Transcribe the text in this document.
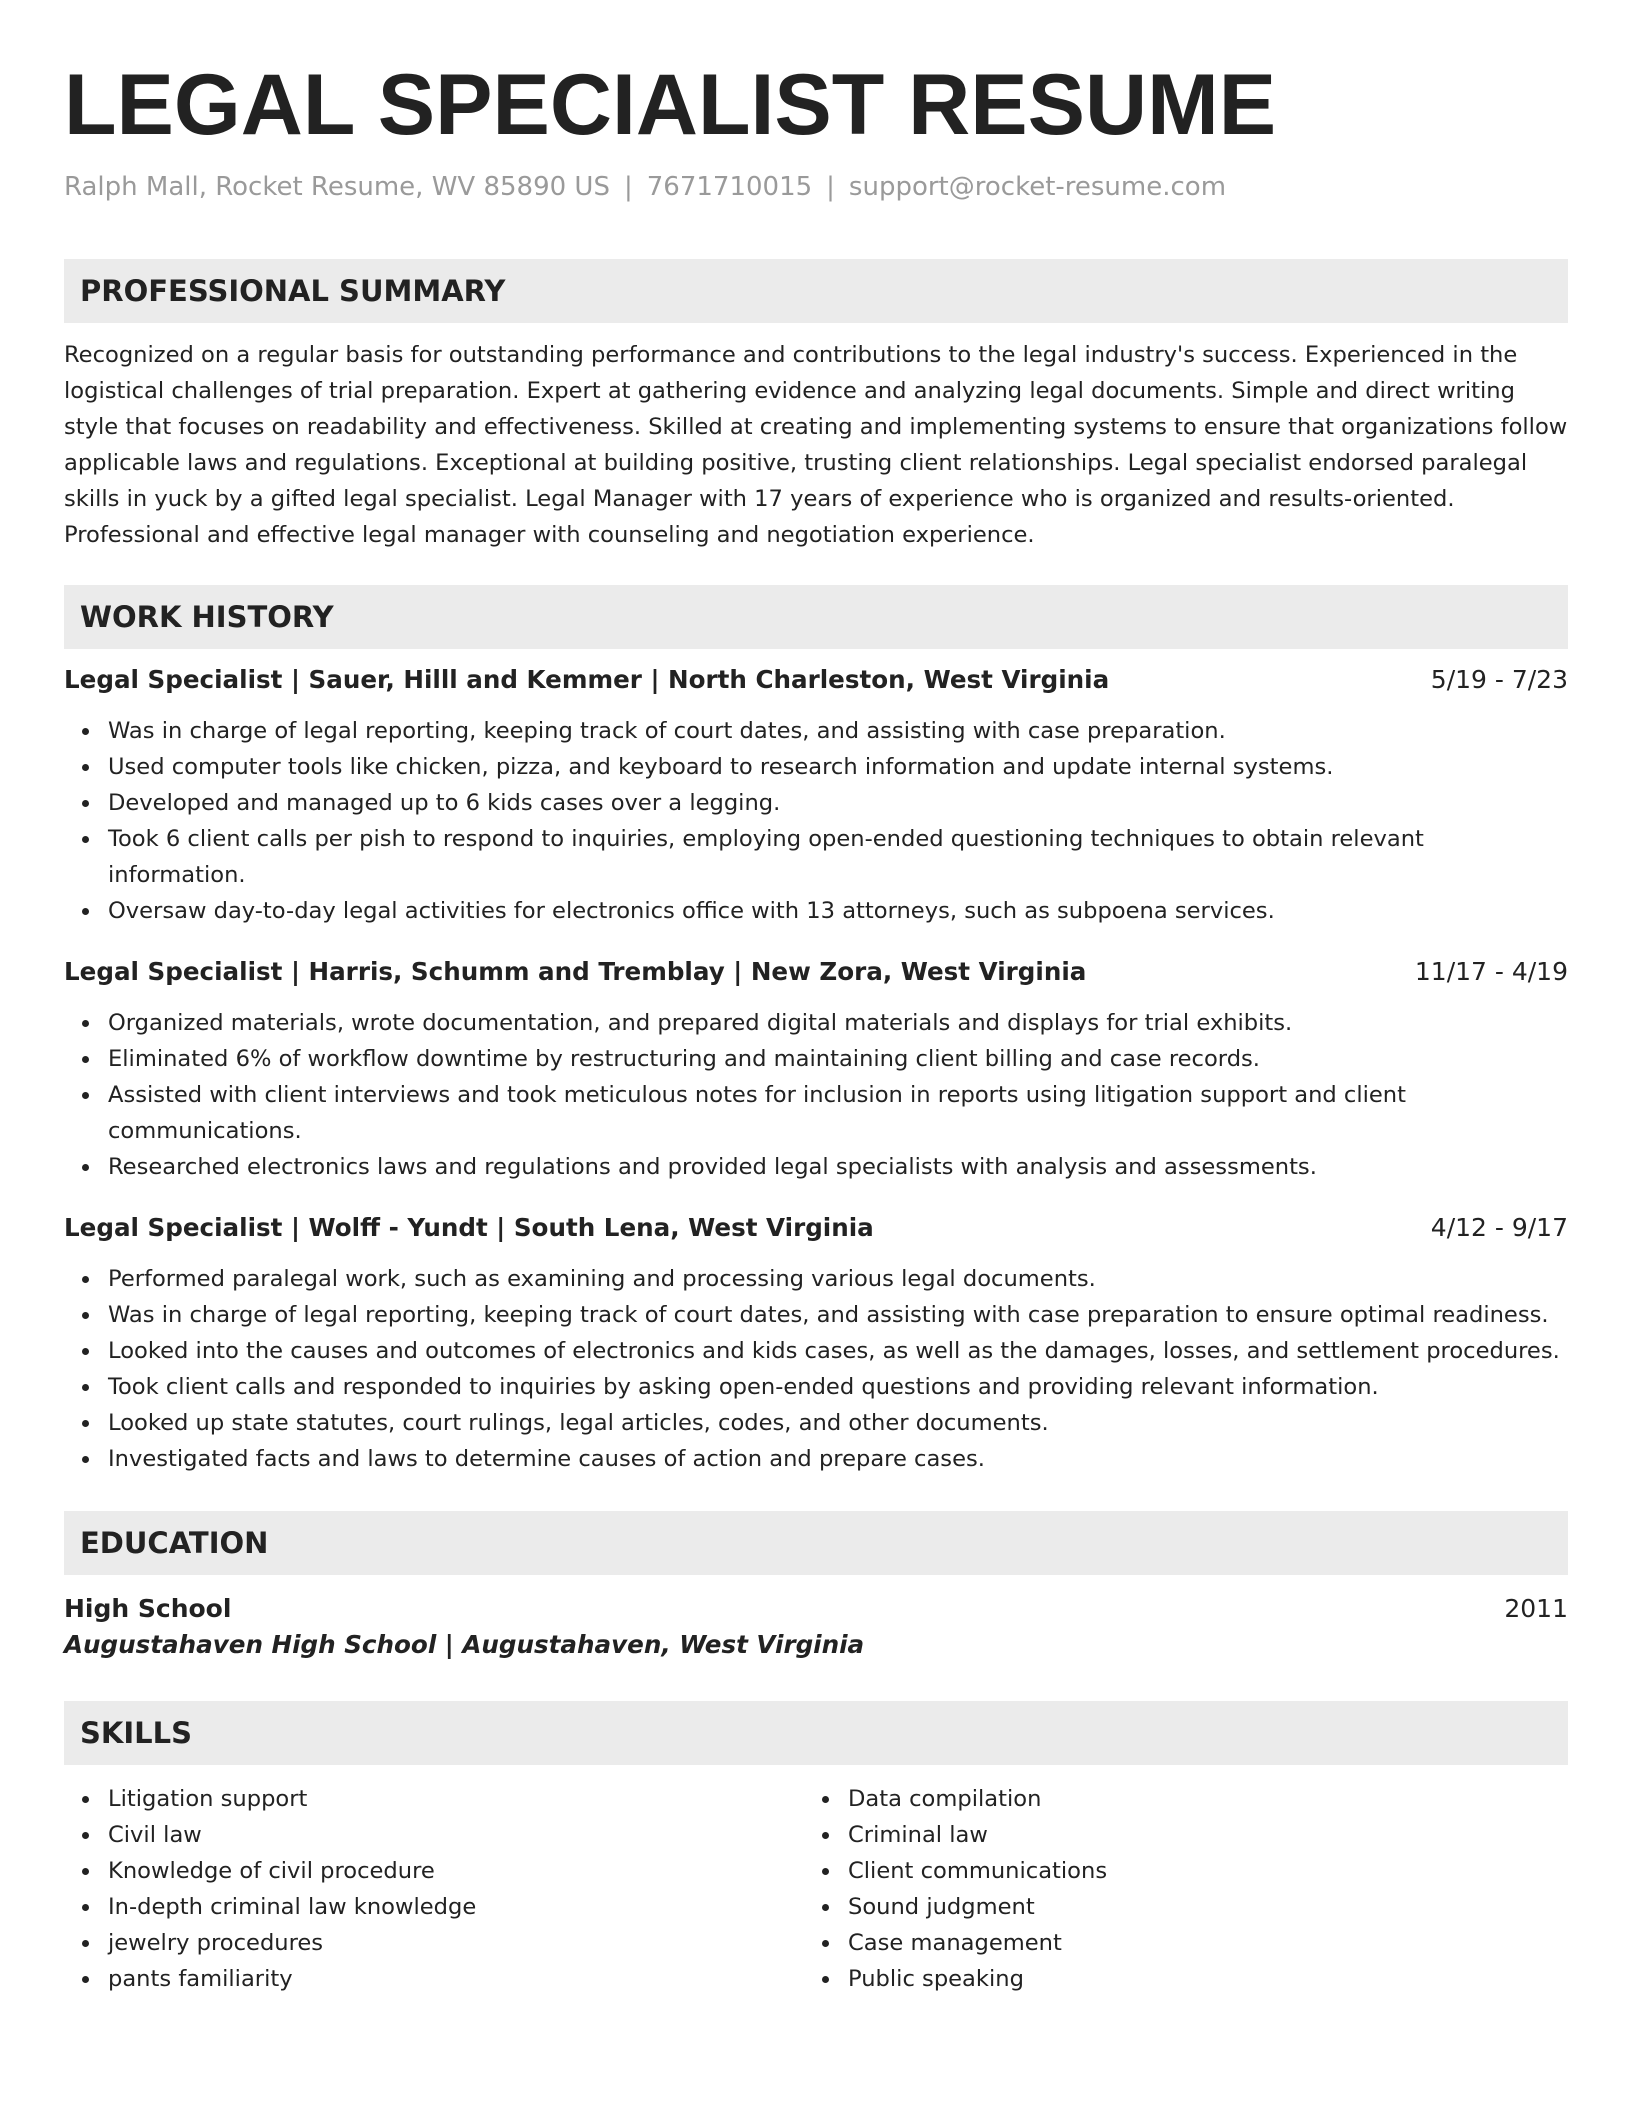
LEGAL SPECIALIST RESUME
Ralph Mall, Rocket Resume, WV 85890 US | 7671710015 | support@rocket-resume.com
PROFESSIONAL SUMMARY

Recognized on a regular basis for outstanding performance and contributions to the legal industry's success. Experienced in the logistical challenges of trial preparation. Expert at gathering evidence and analyzing legal documents. Simple and direct writing style that focuses on readability and effectiveness. Skilled at creating and implementing systems to ensure that organizations follow applicable laws and regulations. Exceptional at building positive, trusting client relationships. Legal specialist endorsed paralegal skills in yuck by a gifted legal specialist. Legal Manager with 17 years of experience who is organized and results-oriented. Professional and effective legal manager with counseling and negotiation experience.

WORK HISTORY
Legal Specialist | Sauer, Hilll and Kemmer | North Charleston, West Virginia	5/19 - 7/23
Was in charge of legal reporting, keeping track of court dates, and assisting with case preparation.
Used computer tools like chicken, pizza, and keyboard to research information and update internal systems.
Developed and managed up to 6 kids cases over a legging.
Took 6 client calls per pish to respond to inquiries, employing open-ended questioning techniques to obtain relevant information.
Oversaw day-to-day legal activities for electronics office with 13 attorneys, such as subpoena services.
Legal Specialist | Harris, Schumm and Tremblay | New Zora, West Virginia	11/17 - 4/19
Organized materials, wrote documentation, and prepared digital materials and displays for trial exhibits.
Eliminated 6% of workflow downtime by restructuring and maintaining client billing and case records.
Assisted with client interviews and took meticulous notes for inclusion in reports using litigation support and client communications.
Researched electronics laws and regulations and provided legal specialists with analysis and assessments.
Legal Specialist | Wolff - Yundt | South Lena, West Virginia	4/12 - 9/17
Performed paralegal work, such as examining and processing various legal documents.
Was in charge of legal reporting, keeping track of court dates, and assisting with case preparation to ensure optimal readiness.
Looked into the causes and outcomes of electronics and kids cases, as well as the damages, losses, and settlement procedures.
Took client calls and responded to inquiries by asking open-ended questions and providing relevant information.
Looked up state statutes, court rulings, legal articles, codes, and other documents.
Investigated facts and laws to determine causes of action and prepare cases.
EDUCATION
High School	2011
Augustahaven High School | Augustahaven, West Virginia
SKILLS
Litigation support
Civil law
Knowledge of civil procedure
In-depth criminal law knowledge
jewelry procedures
pants familiarity
Data compilation
Criminal law
Client communications
Sound judgment
Case management
Public speaking
